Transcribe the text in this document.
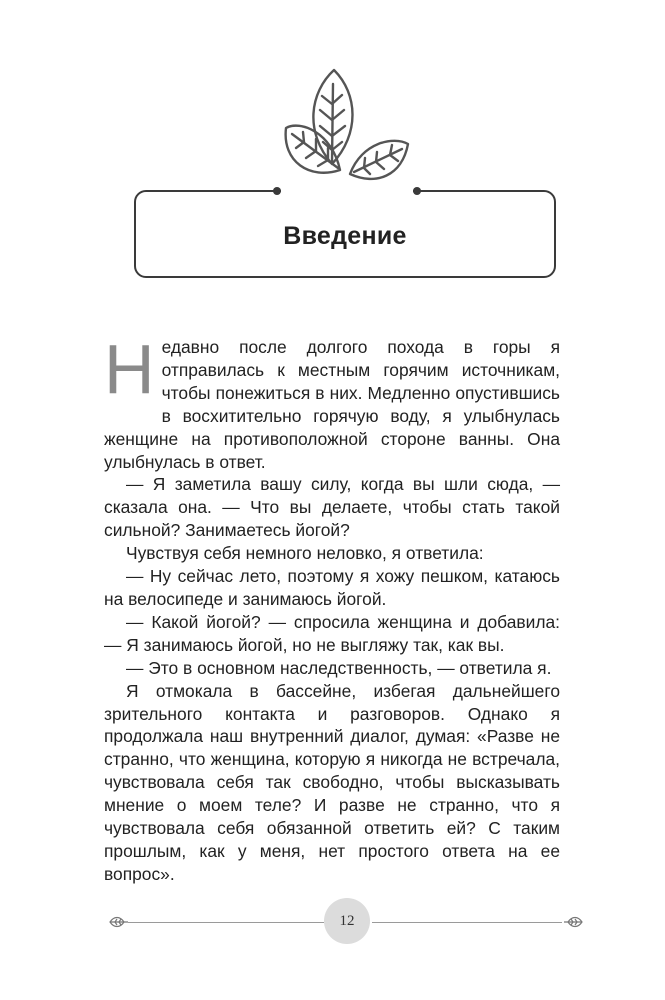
Введение

Недавно после долгого похода в горы я отправилась к местным горячим источникам, чтобы понежиться в них. Медленно опустившись в восхитительно горячую воду, я улыбнулась женщине на противоположной стороне ванны. Она улыбнулась в ответ.

— Я заметила вашу силу, когда вы шли сюда, — сказала она. — Что вы делаете, чтобы стать такой сильной? Занимаетесь йогой?

Чувствуя себя немного неловко, я ответила:

— Ну сейчас лето, поэтому я хожу пешком, катаюсь на велосипеде и занимаюсь йогой.

— Какой йогой? — спросила женщина и добавила: — Я занимаюсь йогой, но не выгляжу так, как вы.

— Это в основном наследственность, — ответила я.

Я отмокала в бассейне, избегая дальнейшего зрительного контакта и разговоров. Однако я продолжала наш внутренний диалог, думая: «Разве не странно, что женщина, которую я никогда не встречала, чувствовала себя так свободно, чтобы высказывать мнение о моем теле? И разве не странно, что я чувствовала себя обязанной ответить ей? С таким прошлым, как у меня, нет простого ответа на ее вопрос».

12
